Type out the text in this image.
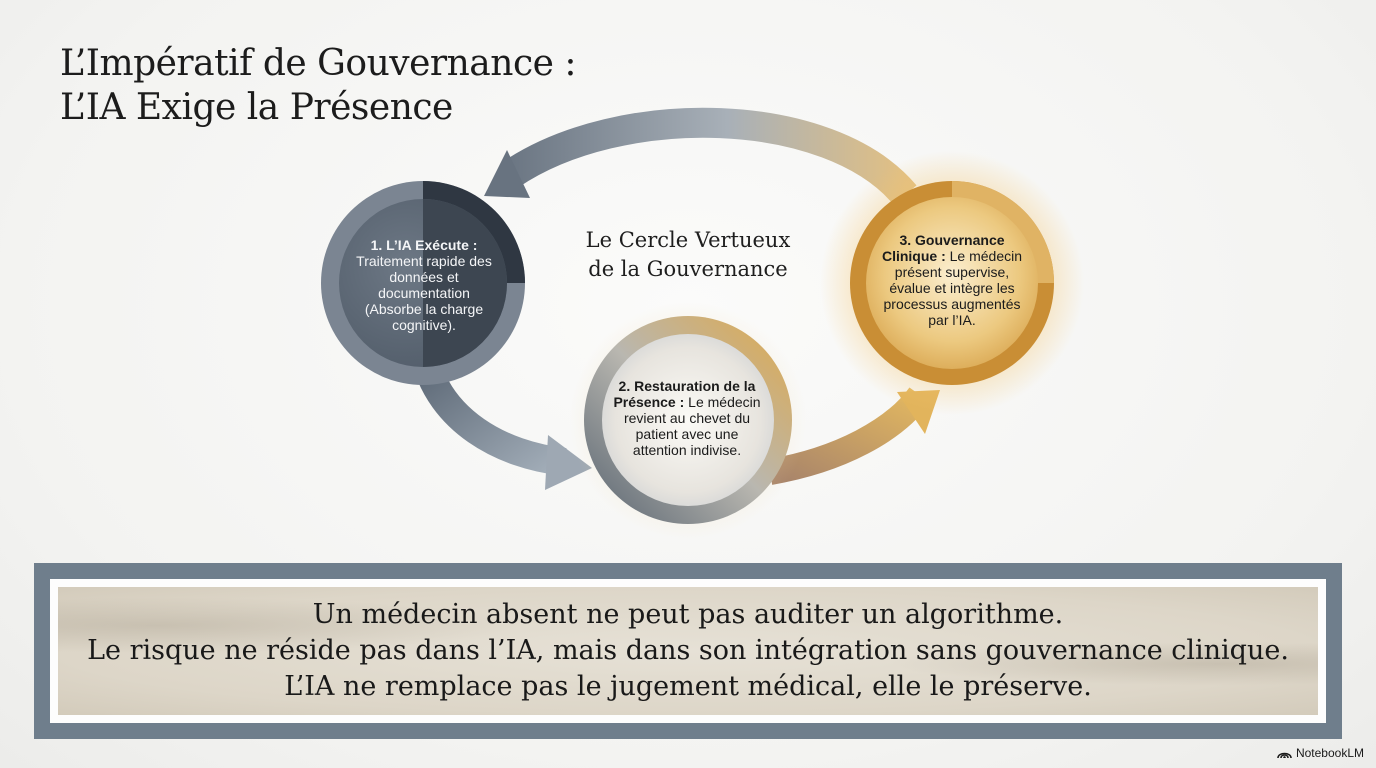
L’Impératif de Gouvernance :
L’IA Exige la Présence
Le Cercle Vertueux
de la Gouvernance
1. L’IA Exécute :
Traitement rapide des données et documentation (Absorbe la charge cognitive).
2. Restauration de la Présence : Le médecin revient au chevet du patient avec une attention indivise.
3. Gouvernance Clinique : Le médecin présent supervise, évalue et intègre les processus augmentés par l’IA.
Un médecin absent ne peut pas auditer un algorithme.
Le risque ne réside pas dans l’IA, mais dans son intégration sans gouvernance clinique.
L’IA ne remplace pas le jugement médical, elle le préserve.
NotebookLM
